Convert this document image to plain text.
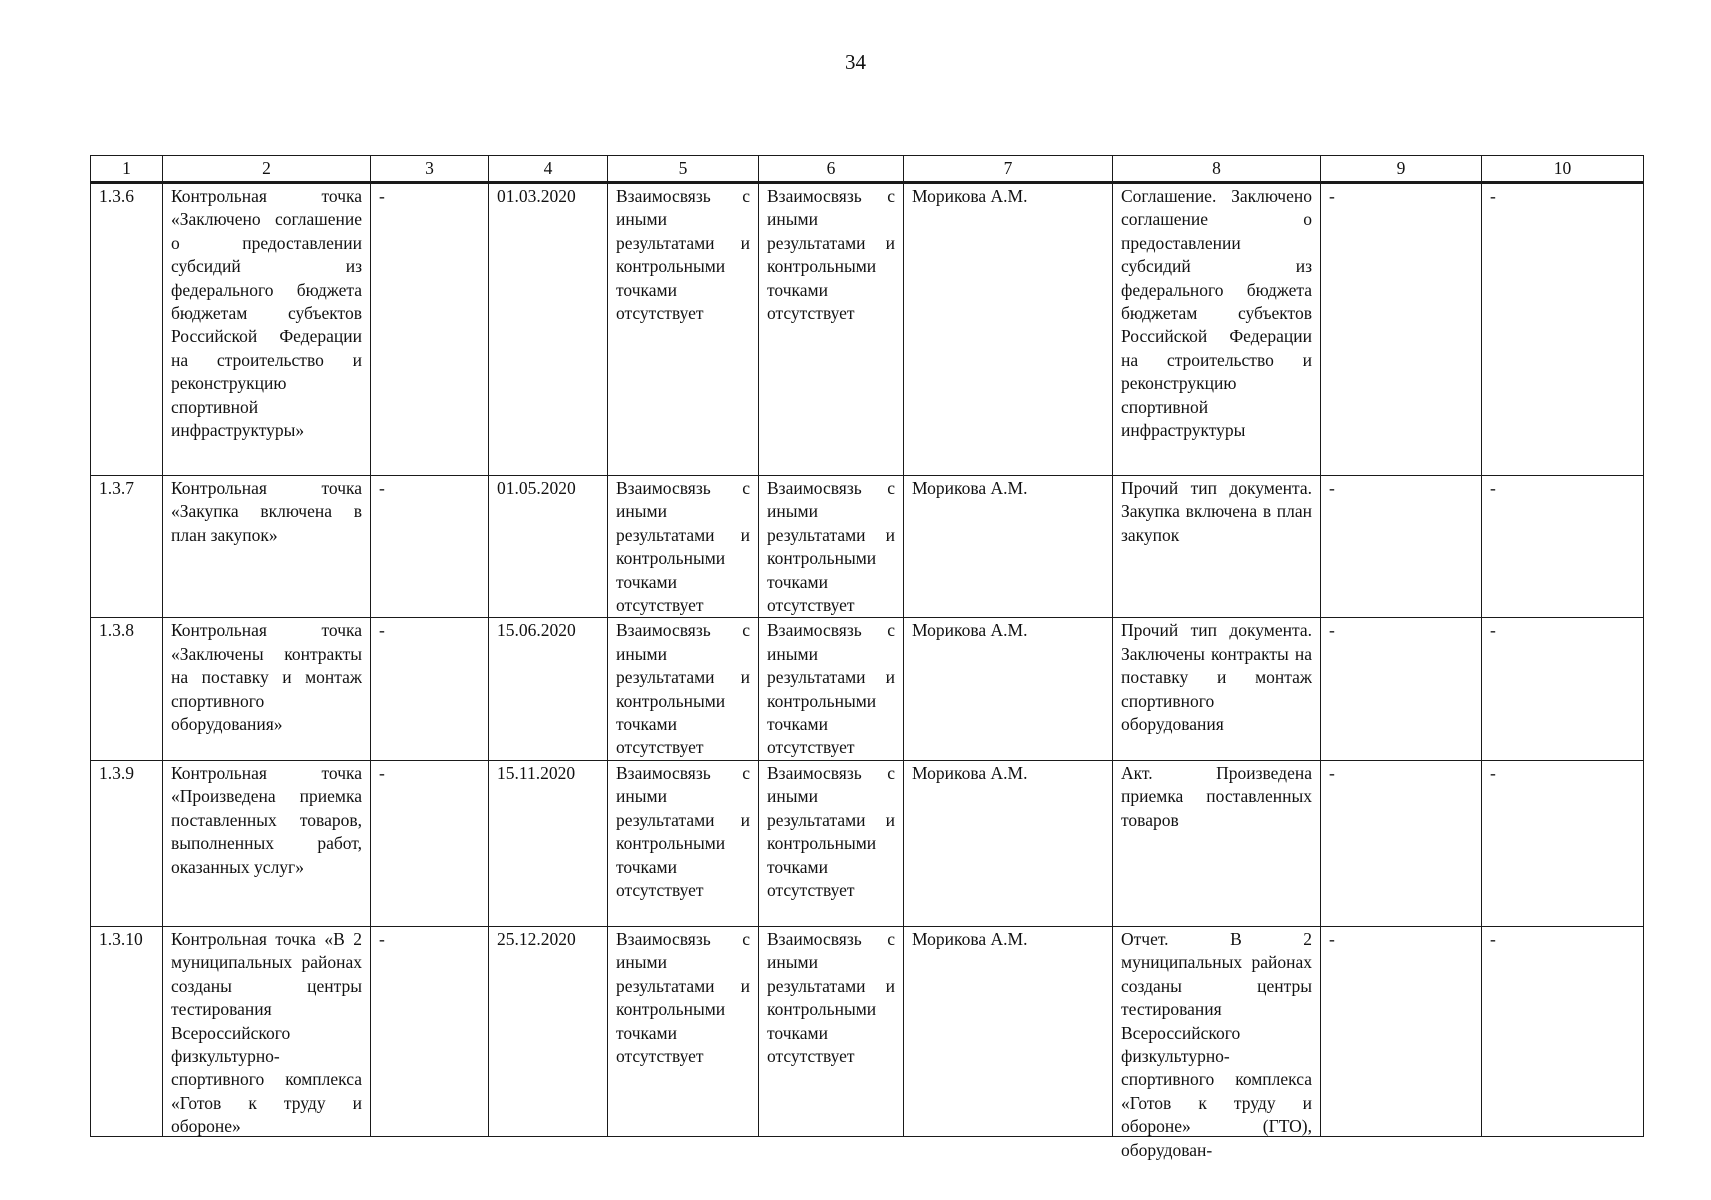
34
1	2	3	4	5	6	7	8	9	10
1.3.6	Контрольная точка «Заключено соглашение о предоставлении субсидий из федерального бюджета бюджетам субъектов Российской Федерации на строительство и реконструкцию спортивной инфраструктуры»	-	01.03.2020	Взаимосвязь с иными результатами и контрольными точками отсутствует	Взаимосвязь с иными результатами и контрольными точками отсутствует	Морикова А.М.	Соглашение. Заключено соглашение о предоставлении субсидий из федерального бюджета бюджетам субъектов Российской Федерации на строительство и реконструкцию спортивной инфраструктуры	-	-
1.3.7	Контрольная точка «Закупка включена в план закупок»	-	01.05.2020	Взаимосвязь с иными результатами и контрольными точками отсутствует	Взаимосвязь с иными результатами и контрольными точками отсутствует	Морикова А.М.	Прочий тип документа. Закупка включена в план закупок	-	-
1.3.8	Контрольная точка «Заключены контракты на поставку и монтаж спортивного оборудования»	-	15.06.2020	Взаимосвязь с иными результатами и контрольными точками отсутствует	Взаимосвязь с иными результатами и контрольными точками отсутствует	Морикова А.М.	Прочий тип документа. Заключены контракты на поставку и монтаж спортивного оборудования	-	-
1.3.9	Контрольная точка «Произведена приемка поставленных товаров, выполненных работ, оказанных услуг»	-	15.11.2020	Взаимосвязь с иными результатами и контрольными точками отсутствует	Взаимосвязь с иными результатами и контрольными точками отсутствует	Морикова А.М.	Акт. Произведена приемка поставленных товаров	-	-
1.3.10	Контрольная точка «В 2 муниципальных районах созданы центры тестирования Всероссийского физкультурно-спортивного комплекса «Готов к труду и обороне»	-	25.12.2020	Взаимосвязь с иными результатами и контрольными точками отсутствует	Взаимосвязь с иными результатами и контрольными точками отсутствует	Морикова А.М.	Отчет. В 2 муниципальных районах созданы центры тестирования Всероссийского физкультурно-спортивного комплекса «Готов к труду и обороне» (ГТО), оборудован-	-	-
